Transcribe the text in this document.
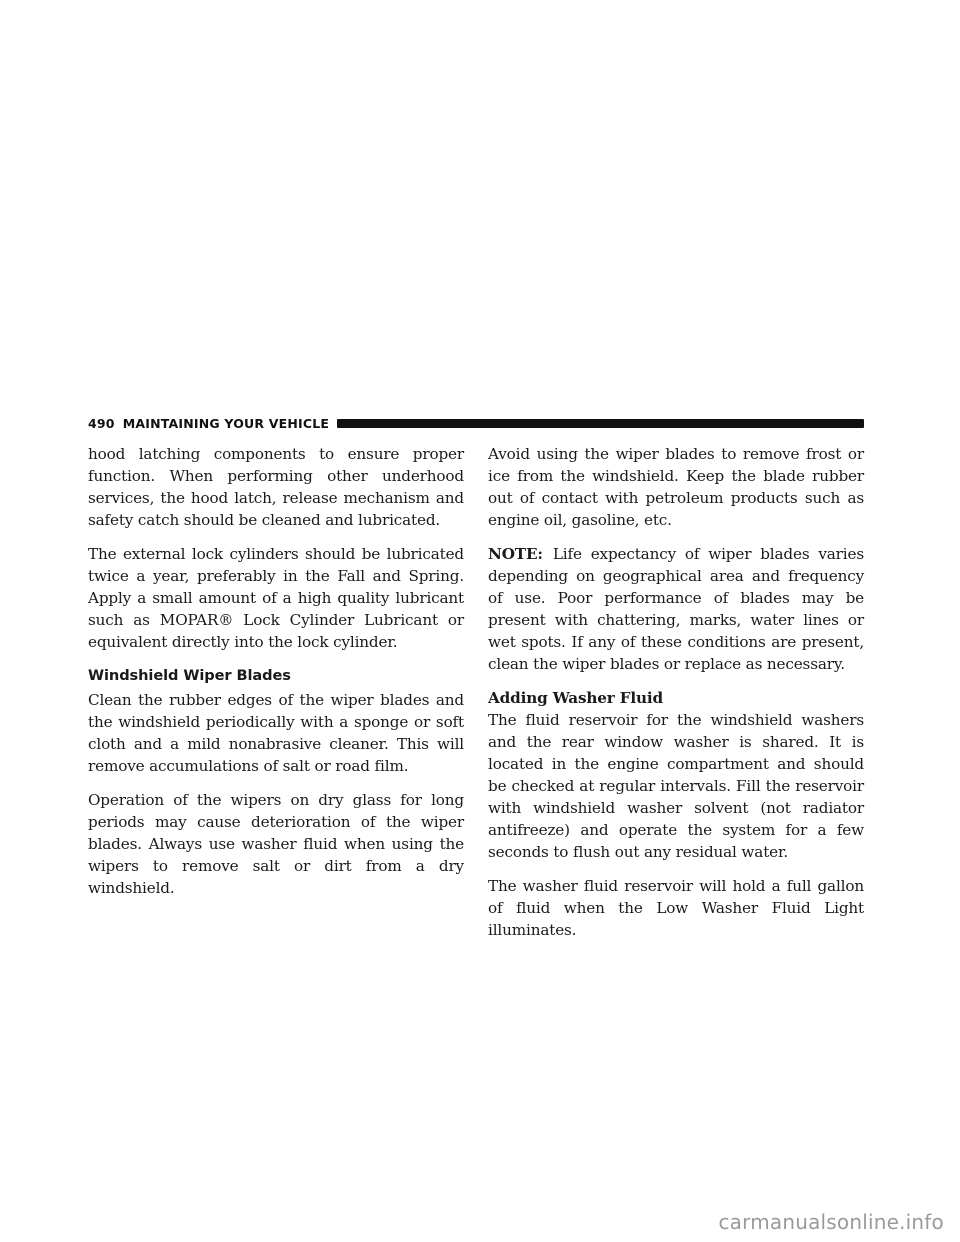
490 MAINTAINING YOUR VEHICLE

hood latching components to ensure proper function. When performing other underhood services, the hood latch, release mechanism and safety catch should be cleaned and lubricated.

The external lock cylinders should be lubricated twice a year, preferably in the Fall and Spring. Apply a small amount of a high quality lubricant such as MOPAR® Lock Cylinder Lubricant or equivalent directly into the lock cylinder.

Windshield Wiper Blades

Clean the rubber edges of the wiper blades and the windshield periodically with a sponge or soft cloth and a mild nonabrasive cleaner. This will remove accumulations of salt or road film.

Operation of the wipers on dry glass for long periods may cause deterioration of the wiper blades. Always use washer fluid when using the wipers to remove salt or dirt from a dry windshield.

Avoid using the wiper blades to remove frost or ice from the windshield. Keep the blade rubber out of contact with petroleum products such as engine oil, gasoline, etc.

NOTE: Life expectancy of wiper blades varies depending on geographical area and frequency of use. Poor performance of blades may be present with chattering, marks, water lines or wet spots. If any of these conditions are present, clean the wiper blades or replace as necessary.

Adding Washer Fluid

The fluid reservoir for the windshield washers and the rear window washer is shared. It is located in the engine compartment and should be checked at regular intervals. Fill the reservoir with windshield washer solvent (not radiator antifreeze) and operate the system for a few seconds to flush out any residual water.

The washer fluid reservoir will hold a full gallon of fluid when the Low Washer Fluid Light illuminates.

carmanualsonline.info
